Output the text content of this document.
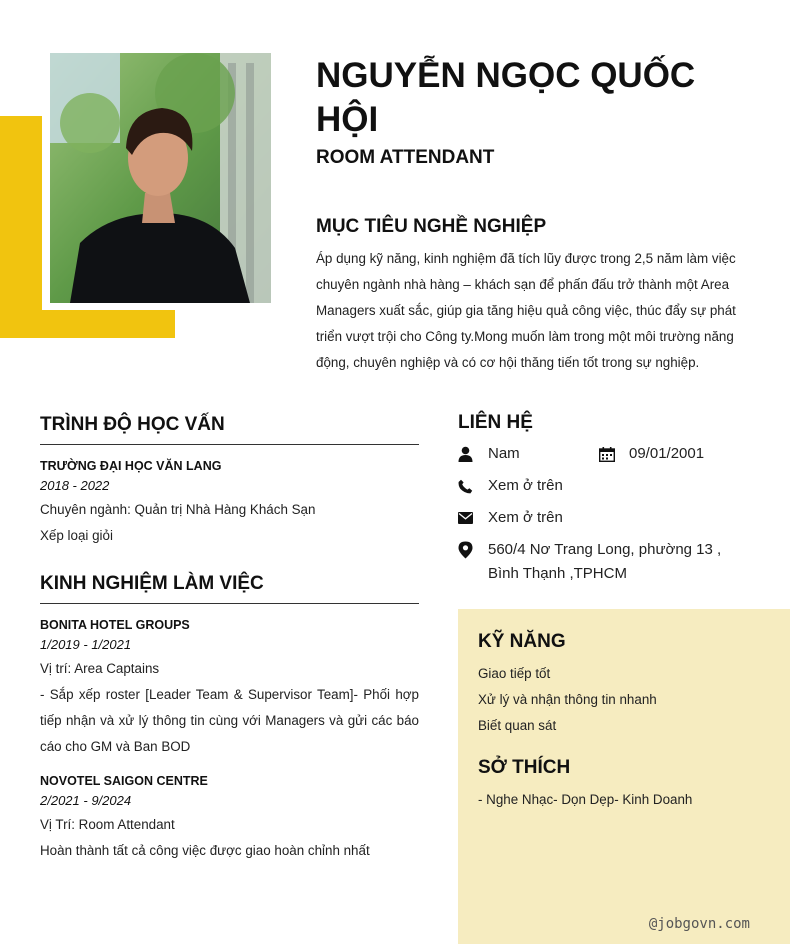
NGUYỄN NGỌC QUỐC HỘI
ROOM ATTENDANT
MỤC TIÊU NGHỀ NGHIỆP
Áp dụng kỹ năng, kinh nghiệm đã tích lũy được trong 2,5 năm làm việc chuyên ngành nhà hàng – khách sạn để phấn đấu trở thành một Area Managers xuất sắc, giúp gia tăng hiệu quả công việc, thúc đẩy sự phát triển vượt trội cho Công ty.Mong muốn làm trong một môi trường năng động, chuyên nghiệp và có cơ hội thăng tiến tốt trong sự nghiệp.
TRÌNH ĐỘ HỌC VẤN
TRƯỜNG ĐẠI HỌC VĂN LANG
2018 - 2022
Chuyên ngành: Quản trị Nhà Hàng Khách Sạn
Xếp loại giỏi
KINH NGHIỆM LÀM VIỆC
BONITA HOTEL GROUPS
1/2019 - 1/2021
Vị trí: Area Captains
- Sắp xếp roster [Leader Team & Supervisor Team]- Phối hợp tiếp nhận và xử lý thông tin cùng với Managers và gửi các báo cáo cho GM và Ban BOD
NOVOTEL SAIGON CENTRE
2/2021 - 9/2024
Vị Trí: Room Attendant
Hoàn thành tất cả công việc được giao hoàn chỉnh nhất
LIÊN HỆ
Nam	09/01/2001
Xem ở trên
Xem ở trên
560/4 Nơ Trang Long, phường 13 ,
Bình Thạnh ,TPHCM
KỸ NĂNG
Giao tiếp tốt
Xử lý và nhận thông tin nhanh
Biết quan sát
SỞ THÍCH
- Nghe Nhạc- Dọn Dẹp- Kinh Doanh
@jobgovn.com
